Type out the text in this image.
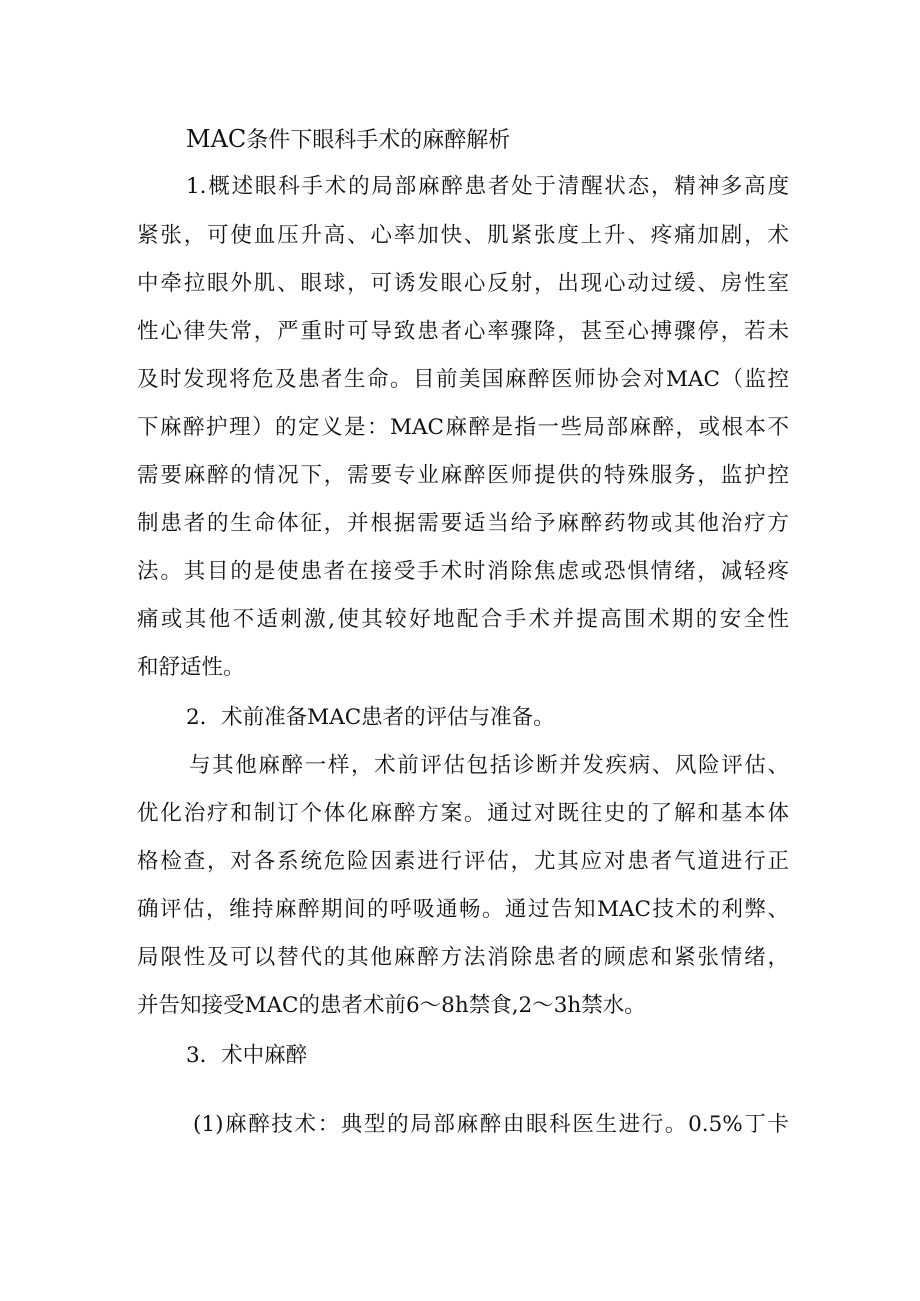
MAC条件下眼科手术的麻醉解析
1.概述眼科手术的局部麻醉患者处于清醒状态，精神多高度
紧张，可使血压升高、心率加快、肌紧张度上升、疼痛加剧，术
中牵拉眼外肌、眼球，可诱发眼心反射，出现心动过缓、房性室
性心律失常，严重时可导致患者心率骤降，甚至心搏骤停，若未
及时发现将危及患者生命。目前美国麻醉医师协会对MAC（监控
下麻醉护理）的定义是：MAC麻醉是指一些局部麻醉，或根本不
需要麻醉的情况下，需要专业麻醉医师提供的特殊服务，监护控
制患者的生命体征，并根据需要适当给予麻醉药物或其他治疗方
法。其目的是使患者在接受手术时消除焦虑或恐惧情绪，减轻疼
痛或其他不适刺激,使其较好地配合手术并提高围术期的安全性
和舒适性。
2．术前准备MAC患者的评估与准备。
与其他麻醉一样，术前评估包括诊断并发疾病、风险评估、
优化治疗和制订个体化麻醉方案。通过对既往史的了解和基本体
格检查，对各系统危险因素进行评估，尤其应对患者气道进行正
确评估，维持麻醉期间的呼吸通畅。通过告知MAC技术的利弊、
局限性及可以替代的其他麻醉方法消除患者的顾虑和紧张情绪，
并告知接受MAC的患者术前6～8h禁食,2～3h禁水。
3．术中麻醉
(1)麻醉技术：典型的局部麻醉由眼科医生进行。0.5%丁卡
